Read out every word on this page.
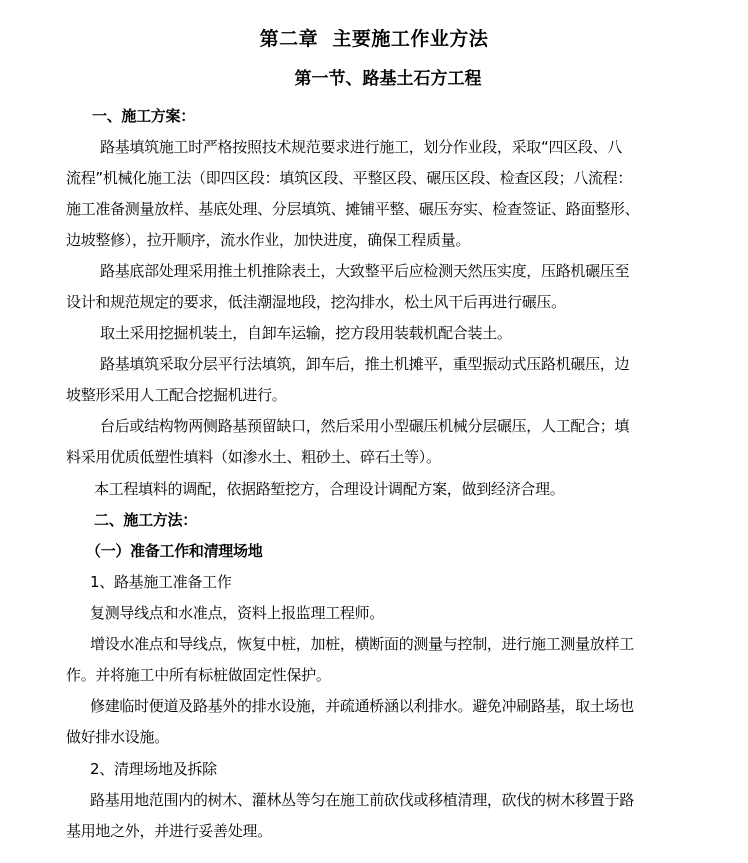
第二章  主要施工作业方法
第一节、路基土石方工程
一、施工方案：
路基填筑施工时严格按照技术规范要求进行施工，划分作业段，采取“四区段、八
流程”机械化施工法（即四区段：填筑区段、平整区段、碾压区段、检查区段；八流程：
施工准备测量放样、基底处理、分层填筑、摊铺平整、碾压夯实、检查签证、路面整形、
边坡整修），拉开顺序，流水作业，加快进度，确保工程质量。
路基底部处理采用推土机推除表土，大致整平后应检测天然压实度，压路机碾压至
设计和规范规定的要求，低洼潮湿地段，挖沟排水，松土风干后再进行碾压。
取土采用挖掘机装土，自卸车运输，挖方段用装载机配合装土。
路基填筑采取分层平行法填筑，卸车后，推土机摊平，重型振动式压路机碾压，边
坡整形采用人工配合挖掘机进行。
台后或结构物两侧路基预留缺口，然后采用小型碾压机械分层碾压，人工配合；填
料采用优质低塑性填料（如渗水土、粗砂土、碎石土等）。
本工程填料的调配，依据路堑挖方，合理设计调配方案，做到经济合理。
二、施工方法：
（一）准备工作和清理场地
1、路基施工准备工作
复测导线点和水准点，资料上报监理工程师。
增设水准点和导线点，恢复中桩，加桩，横断面的测量与控制，进行施工测量放样工
作。并将施工中所有标桩做固定性保护。
修建临时便道及路基外的排水设施，并疏通桥涵以利排水。避免冲刷路基，取土场也
做好排水设施。
2、清理场地及拆除
路基用地范围内的树木、灌林丛等匀在施工前砍伐或移植清理，砍伐的树木移置于路
基用地之外，并进行妥善处理。
